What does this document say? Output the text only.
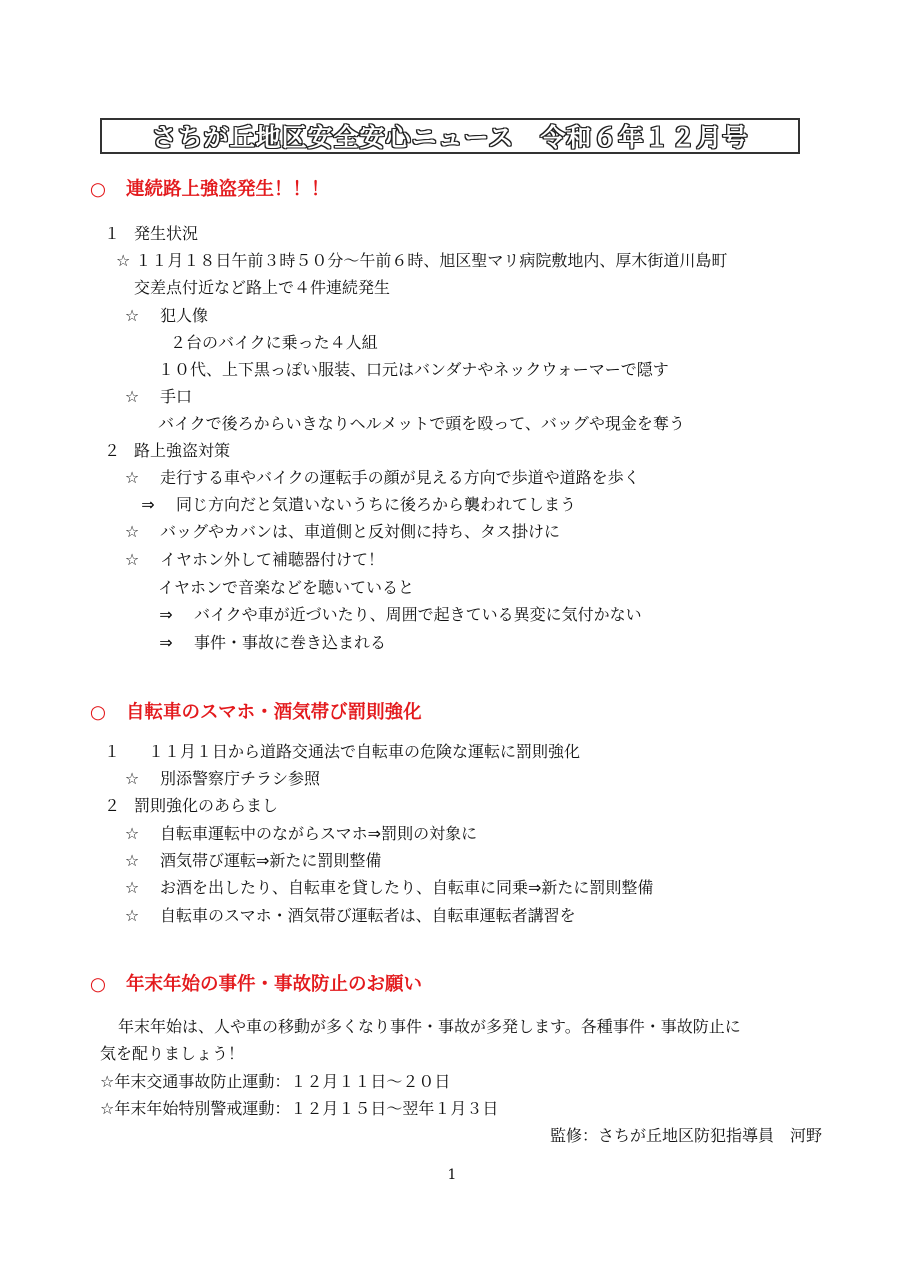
さちが丘地区安全安心ニュース　令和６年１２月号
○ 連続路上強盗発生！！！
１ 発生状況
☆ １１月１８日午前３時５０分～午前６時、旭区聖マリ病院敷地内、厚木街道川島町
交差点付近など路上で４件連続発生
☆ 犯人像
２台のバイクに乗った４人組
１０代、上下黒っぽい服装、口元はバンダナやネックウォーマーで隠す
☆ 手口
バイクで後ろからいきなりヘルメットで頭を殴って、バッグや現金を奪う
２ 路上強盗対策
☆ 走行する車やバイクの運転手の顔が見える方向で歩道や道路を歩く
⇒ 同じ方向だと気遣いないうちに後ろから襲われてしまう
☆ バッグやカバンは、車道側と反対側に持ち、タス掛けに
☆ イヤホン外して補聴器付けて！
イヤホンで音楽などを聴いていると
⇒ バイクや車が近づいたり、周囲で起きている異変に気付かない
⇒ 事件・事故に巻き込まれる
○ 自転車のスマホ・酒気帯び罰則強化
１ １１月１日から道路交通法で自転車の危険な運転に罰則強化
☆ 別添警察庁チラシ参照
２ 罰則強化のあらまし
☆ 自転車運転中のながらスマホ⇒罰則の対象に
☆ 酒気帯び運転⇒新たに罰則整備
☆ お酒を出したり、自転車を貸したり、自転車に同乗⇒新たに罰則整備
☆ 自転車のスマホ・酒気帯び運転者は、自転車運転者講習を
○ 年末年始の事件・事故防止のお願い
年末年始は、人や車の移動が多くなり事件・事故が多発します。各種事件・事故防止に
気を配りましょう！
☆年末交通事故防止運動：１２月１１日～２０日
☆年末年始特別警戒運動：１２月１５日～翌年１月３日
監修：さちが丘地区防犯指導員　河野
1
